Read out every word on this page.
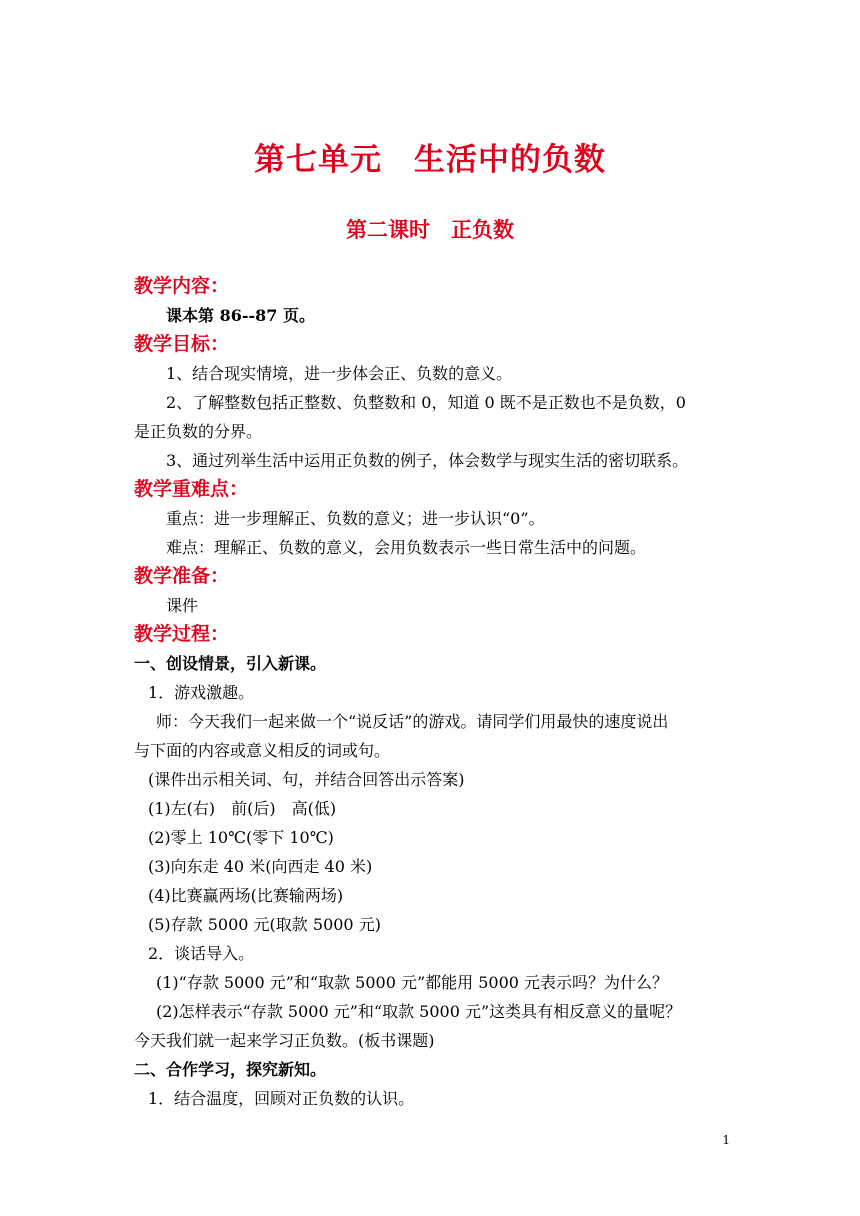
第七单元　生活中的负数
第二课时　正负数
教学内容：
课本第 86--87 页。
教学目标：
1、结合现实情境，进一步体会正、负数的意义。
2、了解整数包括正整数、负整数和 0，知道 0 既不是正数也不是负数，0
是正负数的分界。
3、通过列举生活中运用正负数的例子，体会数学与现实生活的密切联系。
教学重难点：
重点：进一步理解正、负数的意义；进一步认识“0”。
难点：理解正、负数的意义，会用负数表示一些日常生活中的问题。
教学准备：
课件
教学过程：
一、创设情景，引入新课。
1．游戏激趣。
师：今天我们一起来做一个“说反话”的游戏。请同学们用最快的速度说出
与下面的内容或意义相反的词或句。
(课件出示相关词、句，并结合回答出示答案)
(1)左(右)　前(后)　高(低)
(2)零上 10℃(零下 10℃)
(3)向东走 40 米(向西走 40 米)
(4)比赛赢两场(比赛输两场)
(5)存款 5000 元(取款 5000 元)
2．谈话导入。
(1)“存款 5000 元”和“取款 5000 元”都能用 5000 元表示吗？为什么？
(2)怎样表示“存款 5000 元”和“取款 5000 元”这类具有相反意义的量呢？
今天我们就一起来学习正负数。(板书课题)
二、合作学习，探究新知。
1．结合温度，回顾对正负数的认识。
1
